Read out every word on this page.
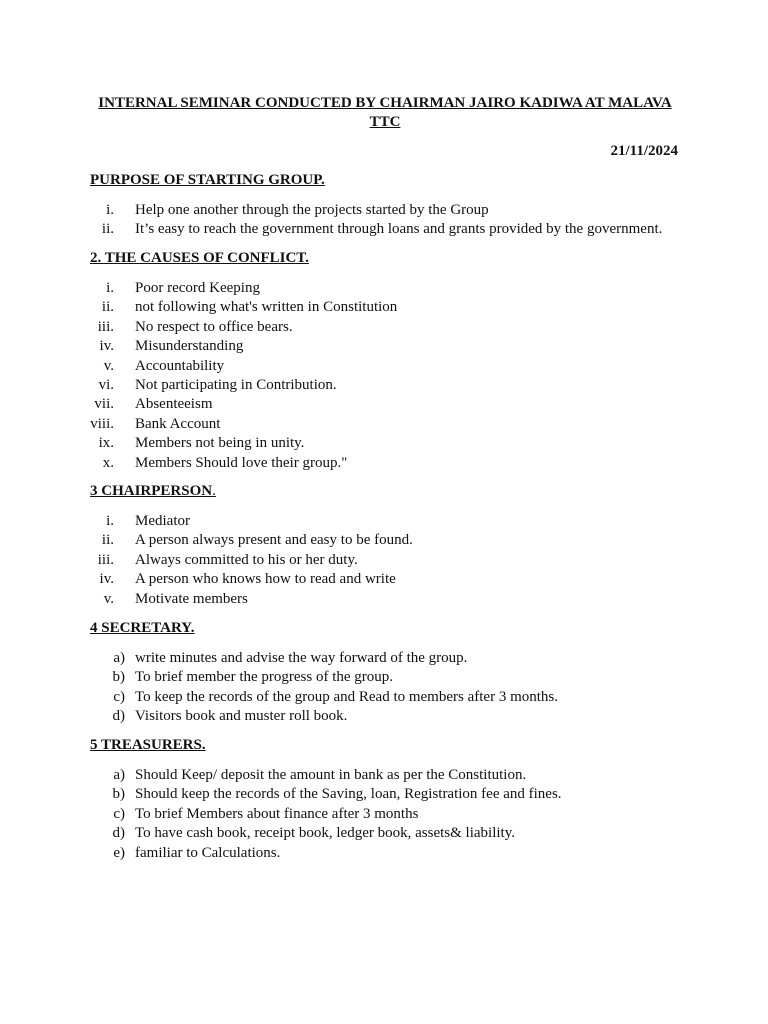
INTERNAL SEMINAR CONDUCTED BY CHAIRMAN JAIRO KADIWA AT MALAVA TTC
21/11/2024
PURPOSE OF STARTING GROUP.
i. Help one another through the projects started by the Group
ii. It’s easy to reach the government through loans and grants provided by the government.
2. THE CAUSES OF CONFLICT.
i. Poor record Keeping
ii. not following what's written in Constitution
iii. No respect to office bears.
iv. Misunderstanding
v. Accountability
vi. Not participating in Contribution.
vii. Absenteeism
viii. Bank Account
ix. Members not being in unity.
x. Members Should love their group."
3 CHAIRPERSON.
i. Mediator
ii. A person always present and easy to be found.
iii. Always committed to his or her duty.
iv. A person who knows how to read and write
v. Motivate members
4 SECRETARY.
a) write minutes and advise the way forward of the group.
b) To brief member the progress of the group.
c) To keep the records of the group and Read to members after 3 months.
d) Visitors book and muster roll book.
5 TREASURERS.
a) Should Keep/ deposit the amount in bank as per the Constitution.
b) Should keep the records of the Saving, loan, Registration fee and fines.
c) To brief Members about finance after 3 months
d) To have cash book, receipt book, ledger book, assets& liability.
e) familiar to Calculations.
